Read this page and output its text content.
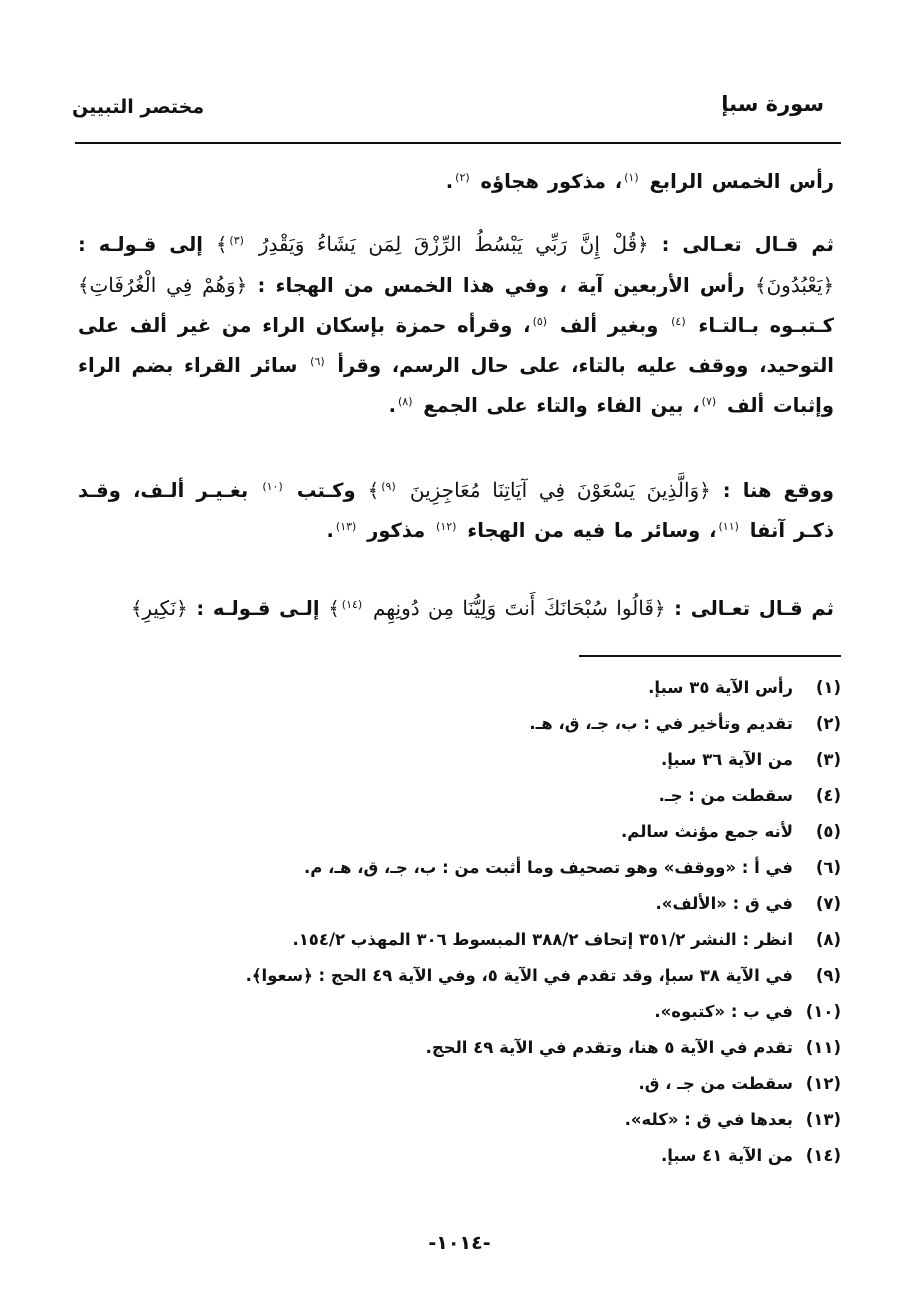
سورة سبإ
مختصر التبيين

رأس الخمس الرابع $^{(١)}$، مذكور هجاؤه $^{(٢)}$.

ثم قـال تعـالى : ﴿قُلْ إِنَّ رَبِّي يَبْسُطُ الرِّزْقَ لِمَن يَشَاءُ وَيَقْدِرُ $^{(٣)}$﴾ إلى قـولـه : ﴿يَعْبُدُونَ﴾ رأس الأربعين آية ، وفي هذا الخمس من الهجاء : ﴿وَهُمْ فِي الْغُرُفَاتِ﴾ كـتبـوه بـالتـاء $^{(٤)}$ وبغير ألف $^{(٥)}$، وقرأه حمزة بإسكان الراء من غير ألف على التوحيد، ووقف عليه بالتاء، على حال الرسم، وقرأ $^{(٦)}$ سائر القراء بضم الراء وإثبات ألف $^{(٧)}$، بين الفاء والتاء على الجمع $^{(٨)}$.

ووقع هنا : ﴿وَالَّذِينَ يَسْعَوْنَ فِي آيَاتِنَا مُعَاجِزِينَ $^{(٩)}$﴾ وكـتب $^{(١٠)}$ بغـيـر ألـف، وقـد ذكـر آنفا $^{(١١)}$، وسائر ما فيه من الهجاء $^{(١٢)}$ مذكور $^{(١٣)}$.

ثم قـال تعـالى : ﴿قَالُوا سُبْحَانَكَ أَنتَ وَلِيُّنَا مِن دُونِهِم $^{(١٤)}$﴾ إلـى قـولـه : ﴿نَكِيرِ﴾

(١)
رأس الآية ٣٥ سبإ.
(٢)
تقديم وتأخير في : ب، جـ، ق، هـ.
(٣)
من الآية ٣٦ سبإ.
(٤)
سقطت من : جـ.
(٥)
لأنه جمع مؤنث سالم.
(٦)
في أ : «ووقف» وهو تصحيف وما أثبت من : ب، جـ، ق، هـ، م.
(٧)
في ق : «الألف».
(٨)
انظر : النشر ٣٥١/٢ إتحاف ٣٨٨/٢ المبسوط ٣٠٦ المهذب ١٥٤/٢.
(٩)
في الآية ٣٨ سبإ، وقد تقدم في الآية ٥، وفي الآية ٤٩ الحج : ﴿سعوا﴾.
(١٠)
في ب : «كتبوه».
(١١)
تقدم في الآية ٥ هنا، وتقدم في الآية ٤٩ الحج.
(١٢)
سقطت من جـ ، ق.
(١٣)
بعدها في ق : «كله».
(١٤)
من الآية ٤١ سبإ.
-١٠١٤-
